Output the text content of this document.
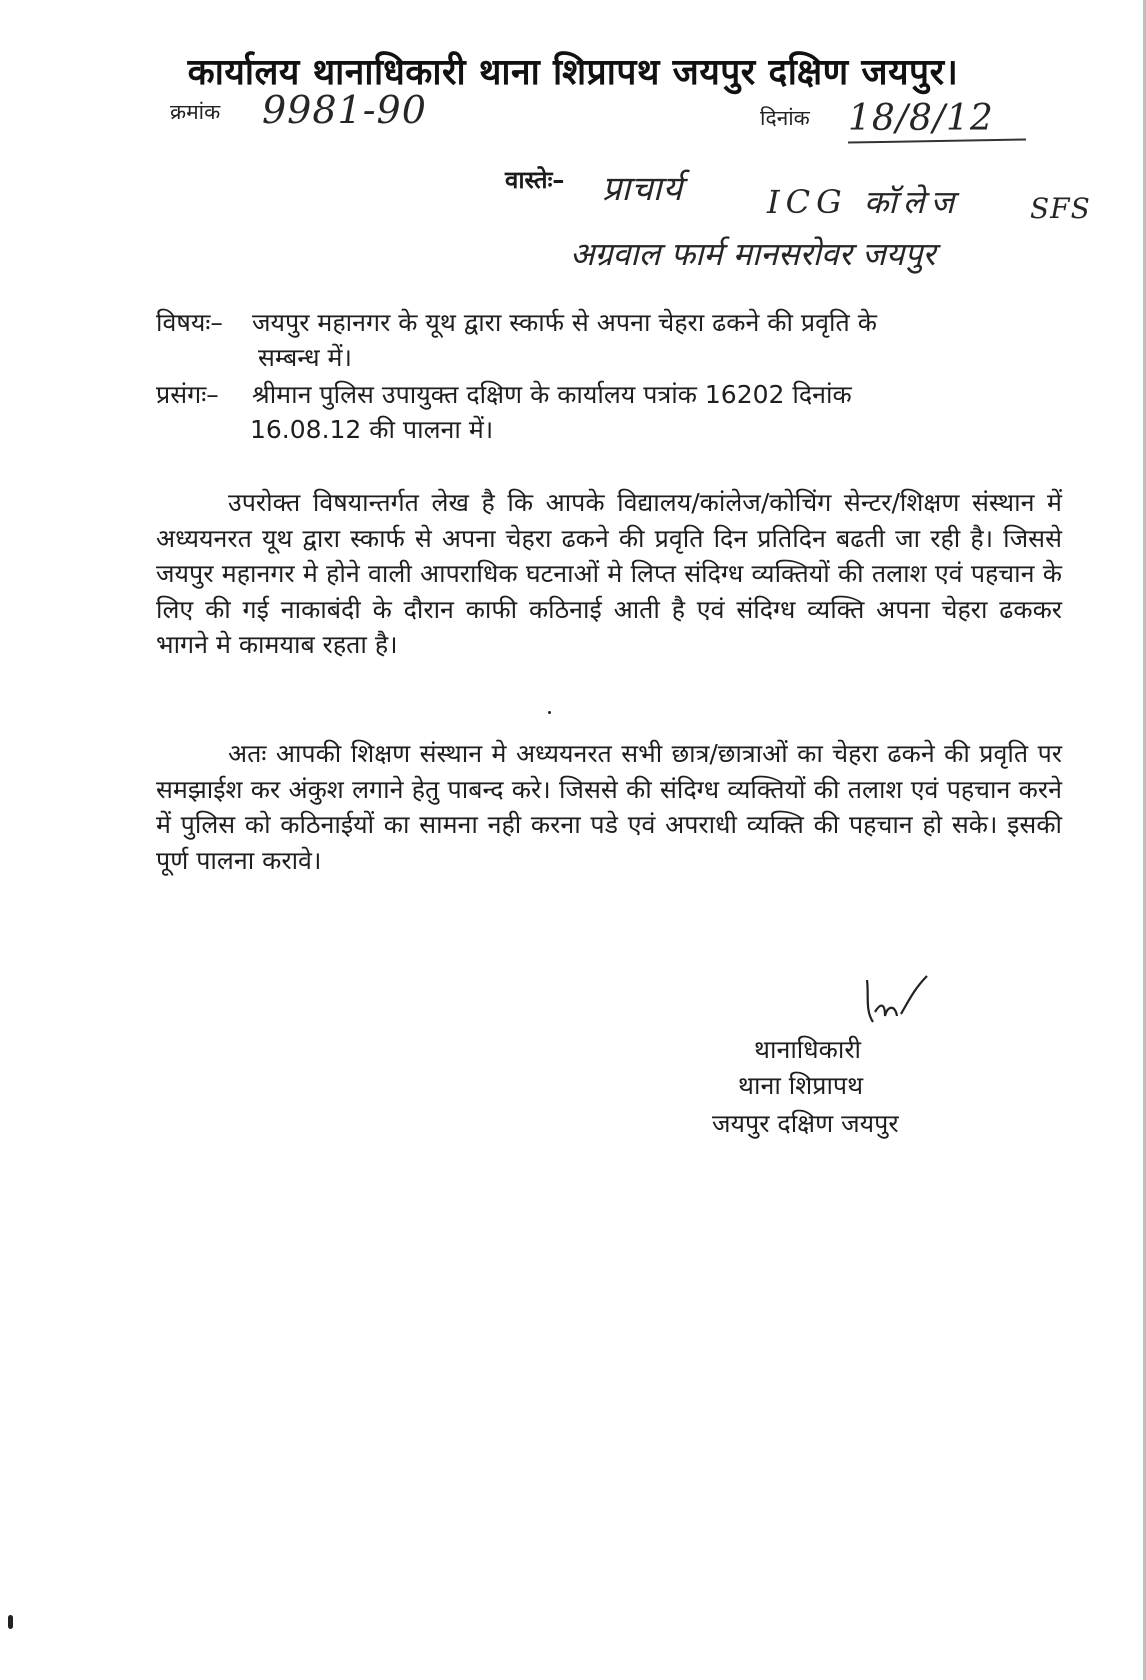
कार्यालय थानाधिकारी थाना शिप्रापथ जयपुर दक्षिण जयपुर।
क्रमांक 9981-90	दिनांक 18/8/12
वास्तेः– प्राचार्य	ICG कॉलेज SFS
अग्रवाल फार्म मानसरोवर जयपुर
विषयः– जयपुर महानगर के यूथ द्वारा स्कार्फ से अपना चेहरा ढकने की प्रवृति के
सम्बन्ध में।
प्रसंगः– श्रीमान पुलिस उपायुक्त दक्षिण के कार्यालय पत्रांक 16202 दिनांक
16.08.12 की पालना में।
उपरोक्त विषयान्तर्गत लेख है कि आपके विद्यालय/कांलेज/कोचिंग सेन्टर/शिक्षण संस्थान में अध्ययनरत यूथ द्वारा स्कार्फ से अपना चेहरा ढकने की प्रवृति दिन प्रतिदिन बढती जा रही है। जिससे जयपुर महानगर मे होने वाली आपराधिक घटनाओं मे लिप्त संदिग्ध व्यक्तियों की तलाश एवं पहचान के लिए की गई नाकाबंदी के दौरान काफी कठिनाई आती है एवं संदिग्ध व्यक्ति अपना चेहरा ढककर भागने मे कामयाब रहता है।
अतः आपकी शिक्षण संस्थान मे अध्ययनरत सभी छात्र/छात्राओं का चेहरा ढकने की प्रवृति पर समझाईश कर अंकुश लगाने हेतु पाबन्द करे। जिससे की संदिग्ध व्यक्तियों की तलाश एवं पहचान करने में पुलिस को कठिनाईयों का सामना नही करना पडे एवं अपराधी व्यक्ति की पहचान हो सके। इसकी पूर्ण पालना करावे।
थानाधिकारी
थाना शिप्रापथ
जयपुर दक्षिण जयपुर
